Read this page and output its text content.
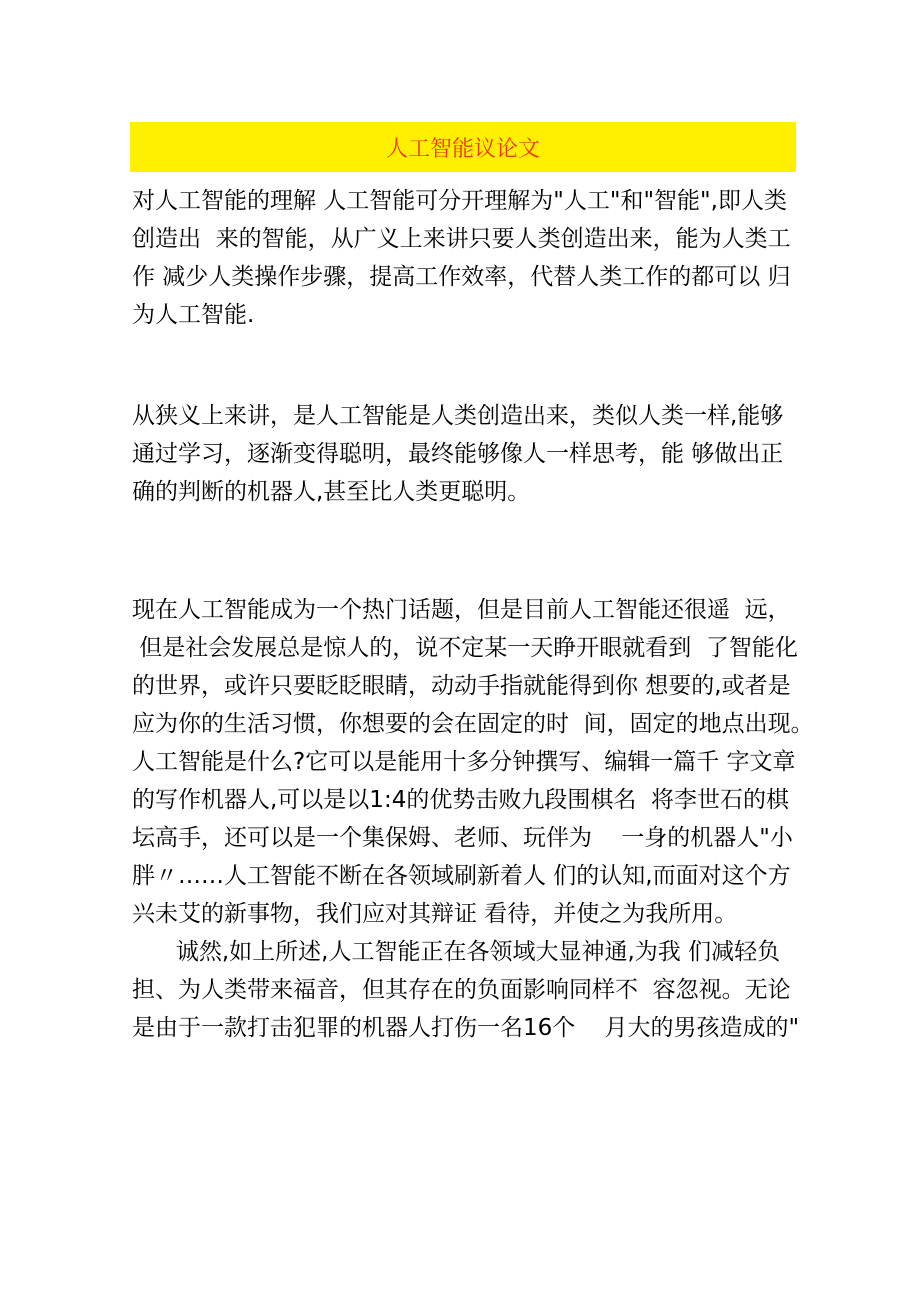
人工智能议论文
对人工智能的理解 人工智能可分开理解为"人工"和"智能",即人类
创造出  来的智能，从广义上来讲只要人类创造出来，能为人类工
作 减少人类操作步骤，提高工作效率，代替人类工作的都可以 归
为人工智能.
从狭义上来讲，是人工智能是人类创造出来，类似人类一样,能够
通过学习，逐渐变得聪明，最终能够像人一样思考，能 够做出正
确的判断的机器人,甚至比人类更聪明。
现在人工智能成为一个热门话题，但是目前人工智能还很遥  远，
但是社会发展总是惊人的，说不定某一天睁开眼就看到  了智能化
的世界，或许只要眨眨眼睛，动动手指就能得到你 想要的,或者是
应为你的生活习惯，你想要的会在固定的时  间，固定的地点出现。
人工智能是什么?它可以是能用十多分钟撰写、编辑一篇千 字文章
的写作机器人,可以是以1:4的优势击败九段围棋名  将李世石的棋
坛高手，还可以是一个集保姆、老师、玩伴为    一身的机器人"小
胖〃……人工智能不断在各领域刷新着人 们的认知,而面对这个方
兴未艾的新事物，我们应对其辩证 看待，并使之为我所用。
诚然,如上所述,人工智能正在各领域大显神通,为我 们减轻负
担、为人类带来福音，但其存在的负面影响同样不  容忽视。无论
是由于一款打击犯罪的机器人打伤一名16个    月大的男孩造成的"
